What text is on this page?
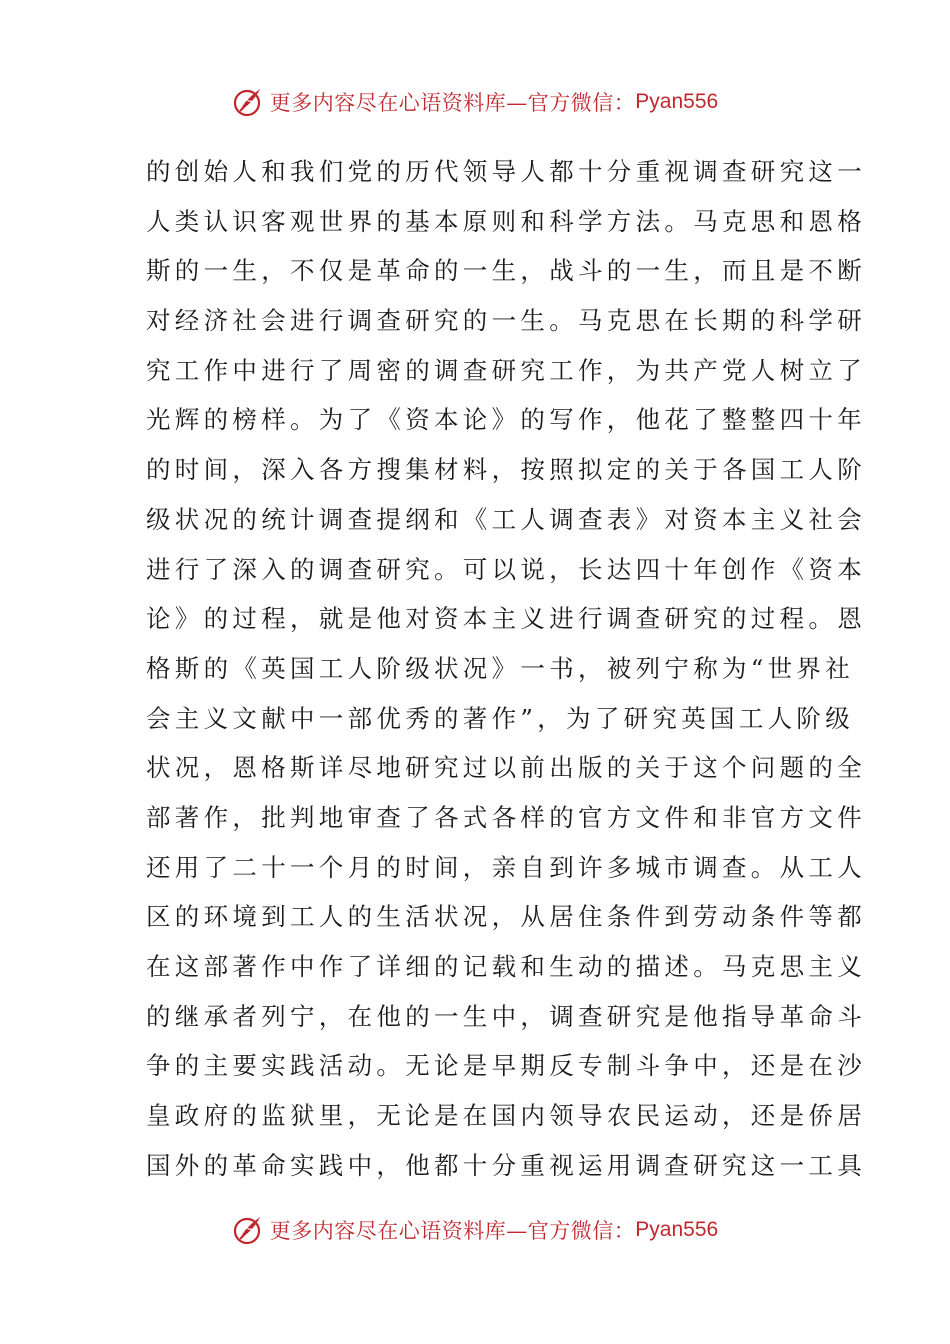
更多内容尽在心语资料库—官方微信： Pyan556
的创始人和我们党的历代领导人都十分重视调查研究这一
人类认识客观世界的基本原则和科学方法。马克思和恩格
斯的一生，不仅是革命的一生，战斗的一生，而且是不断
对经济社会进行调查研究的一生。马克思在长期的科学研
究工作中进行了周密的调查研究工作，为共产党人树立了
光辉的榜样。为了《资本论》的写作，他花了整整四十年
的时间，深入各方搜集材料，按照拟定的关于各国工人阶
级状况的统计调查提纲和《工人调查表》对资本主义社会
进行了深入的调查研究。可以说，长达四十年创作《资本
论》的过程，就是他对资本主义进行调查研究的过程。恩
格斯的《英国工人阶级状况》一书，被列宁称为“世界社
会主义文献中一部优秀的著作”，为了研究英国工人阶级
状况，恩格斯详尽地研究过以前出版的关于这个问题的全
部著作，批判地审查了各式各样的官方文件和非官方文件
还用了二十一个月的时间，亲自到许多城市调查。从工人
区的环境到工人的生活状况，从居住条件到劳动条件等都
在这部著作中作了详细的记载和生动的描述。马克思主义
的继承者列宁，在他的一生中，调查研究是他指导革命斗
争的主要实践活动。无论是早期反专制斗争中，还是在沙
皇政府的监狱里，无论是在国内领导农民运动，还是侨居
国外的革命实践中，他都十分重视运用调查研究这一工具
更多内容尽在心语资料库—官方微信： Pyan556
